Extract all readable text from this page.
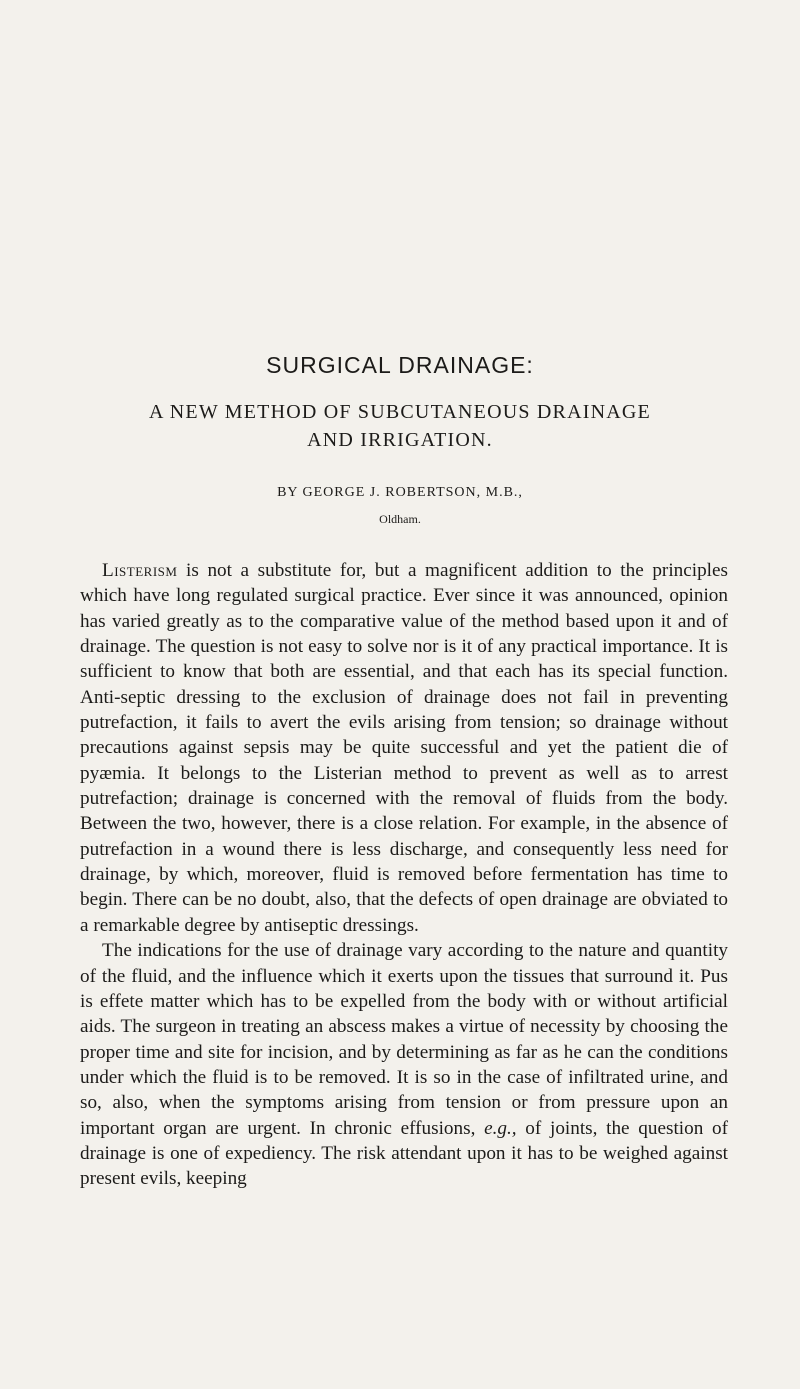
SURGICAL DRAINAGE:
A NEW METHOD OF SUBCUTANEOUS DRAINAGE
AND IRRIGATION.

BY GEORGE J. ROBERTSON, M.B.,

Oldham.

Listerism is not a substitute for, but a magnificent addition to the principles which have long regulated surgical practice. Ever since it was announced, opinion has varied greatly as to the comparative value of the method based upon it and of drainage. The question is not easy to solve nor is it of any practical importance. It is sufficient to know that both are essential, and that each has its special function. Anti-septic dressing to the exclusion of drainage does not fail in preventing putrefaction, it fails to avert the evils arising from tension; so drainage without precautions against sepsis may be quite successful and yet the patient die of pyæmia. It belongs to the Listerian method to prevent as well as to arrest putrefaction; drainage is concerned with the removal of fluids from the body. Between the two, however, there is a close relation. For example, in the absence of putrefaction in a wound there is less discharge, and consequently less need for drainage, by which, moreover, fluid is removed before fermentation has time to begin. There can be no doubt, also, that the defects of open drainage are obviated to a remarkable degree by antiseptic dressings.

The indications for the use of drainage vary according to the nature and quantity of the fluid, and the influence which it exerts upon the tissues that surround it. Pus is effete matter which has to be expelled from the body with or without artificial aids. The surgeon in treating an abscess makes a virtue of necessity by choosing the proper time and site for incision, and by determining as far as he can the conditions under which the fluid is to be removed. It is so in the case of infiltrated urine, and so, also, when the symptoms arising from tension or from pressure upon an important organ are urgent. In chronic effusions, e.g., of joints, the question of drainage is one of expediency. The risk attendant upon it has to be weighed against present evils, keeping
